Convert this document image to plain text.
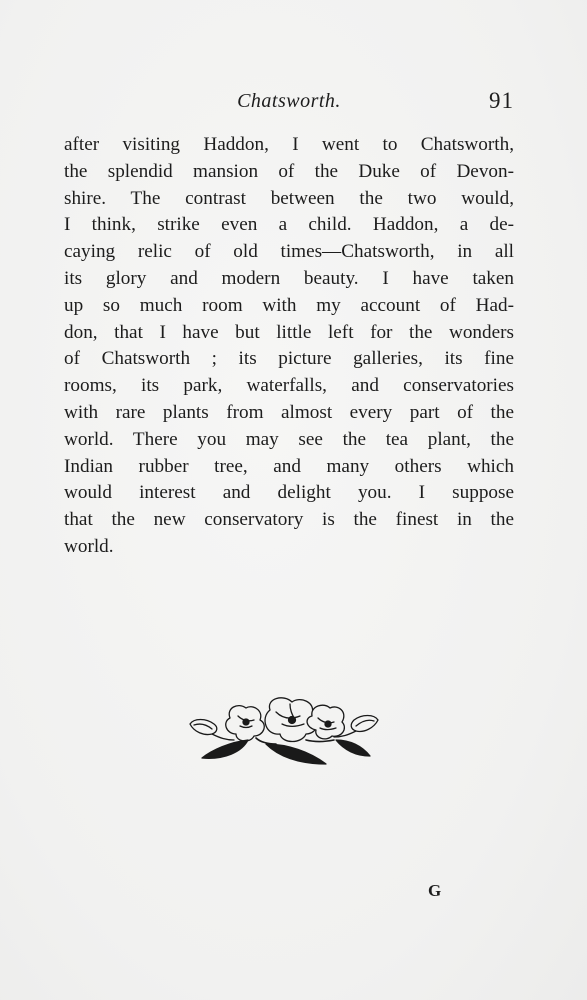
Chatsworth.	91
after visiting Haddon, I went to Chatsworth,
the splendid mansion of the Duke of Devon-
shire. The contrast between the two would,
I think, strike even a child. Haddon, a de-
caying relic of old times—Chatsworth, in all
its glory and modern beauty. I have taken
up so much room with my account of Had-
don, that I have but little left for the wonders
of Chatsworth ; its picture galleries, its fine
rooms, its park, waterfalls, and conservatories
with rare plants from almost every part of the
world. There you may see the tea plant, the
Indian rubber tree, and many others which
would interest and delight you. I suppose
that the new conservatory is the finest in the
world.
G
